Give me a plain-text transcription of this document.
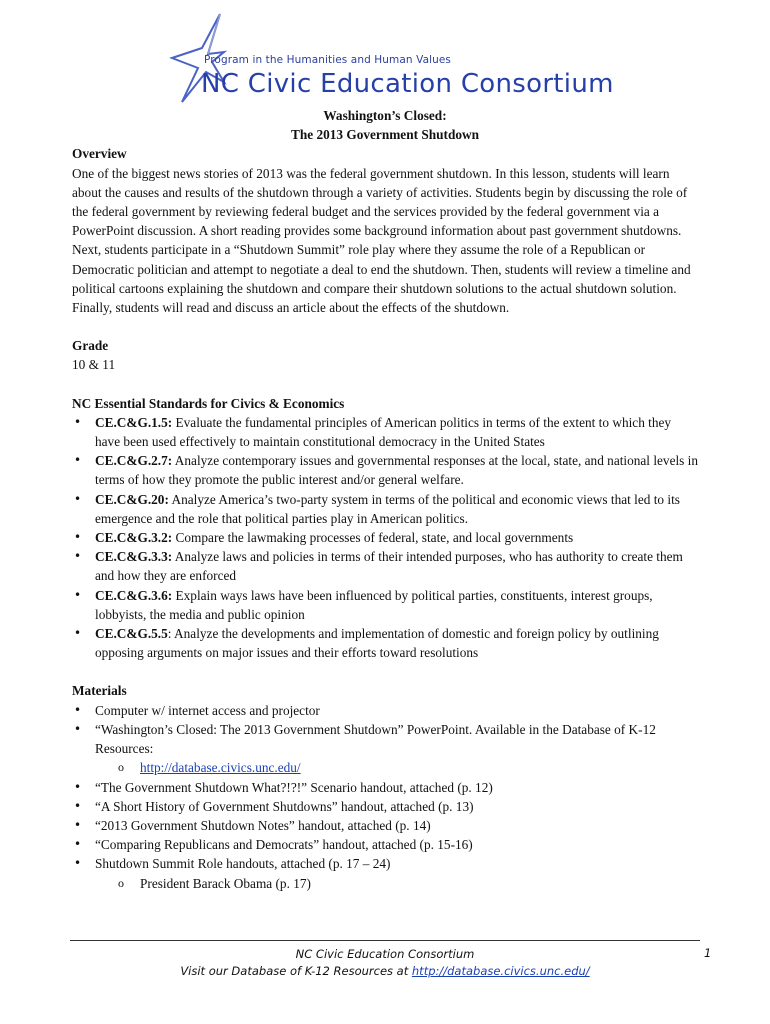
Program in the Humanities and Human Values
NC Civic Education Consortium
Washington’s Closed:
The 2013 Government Shutdown
Overview

One of the biggest news stories of 2013 was the federal government shutdown. In this lesson, students will learn about the causes and results of the shutdown through a variety of activities. Students begin by discussing the role of the federal government by reviewing federal budget and the services provided by the federal government via a PowerPoint discussion. A short reading provides some background information about past government shutdowns. Next, students participate in a “Shutdown Summit” role play where they assume the role of a Republican or Democratic politician and attempt to negotiate a deal to end the shutdown. Then, students will review a timeline and political cartoons explaining the shutdown and compare their shutdown solutions to the actual shutdown solution. Finally, students will read and discuss an article about the effects of the shutdown.

Grade

10 & 11

NC Essential Standards for Civics & Economics
• CE.C&G.1.5: Evaluate the fundamental principles of American politics in terms of the extent to which they have been used effectively to maintain constitutional democracy in the United States
• CE.C&G.2.7: Analyze contemporary issues and governmental responses at the local, state, and national levels in terms of how they promote the public interest and/or general welfare.
• CE.C&G.20: Analyze America’s two-party system in terms of the political and economic views that led to its emergence and the role that political parties play in American politics.
• CE.C&G.3.2: Compare the lawmaking processes of federal, state, and local governments
• CE.C&G.3.3: Analyze laws and policies in terms of their intended purposes, who has authority to create them and how they are enforced
• CE.C&G.3.6: Explain ways laws have been influenced by political parties, constituents, interest groups, lobbyists, the media and public opinion
• CE.C&G.5.5: Analyze the developments and implementation of domestic and foreign policy by outlining opposing arguments on major issues and their efforts toward resolutions
Materials
• Computer w/ internet access and projector
• “Washington’s Closed: The 2013 Government Shutdown” PowerPoint. Available in the Database of K-12 Resources:
o http://database.civics.unc.edu/
• “The Government Shutdown What?!?!” Scenario handout, attached (p. 12)
• “A Short History of Government Shutdowns” handout, attached (p. 13)
• “2013 Government Shutdown Notes” handout, attached (p. 14)
• “Comparing Republicans and Democrats” handout, attached (p. 15-16)
• Shutdown Summit Role handouts, attached (p. 17 – 24)
o President Barack Obama (p. 17)
NC Civic Education Consortium
Visit our Database of K-12 Resources at http://database.civics.unc.edu/
1
